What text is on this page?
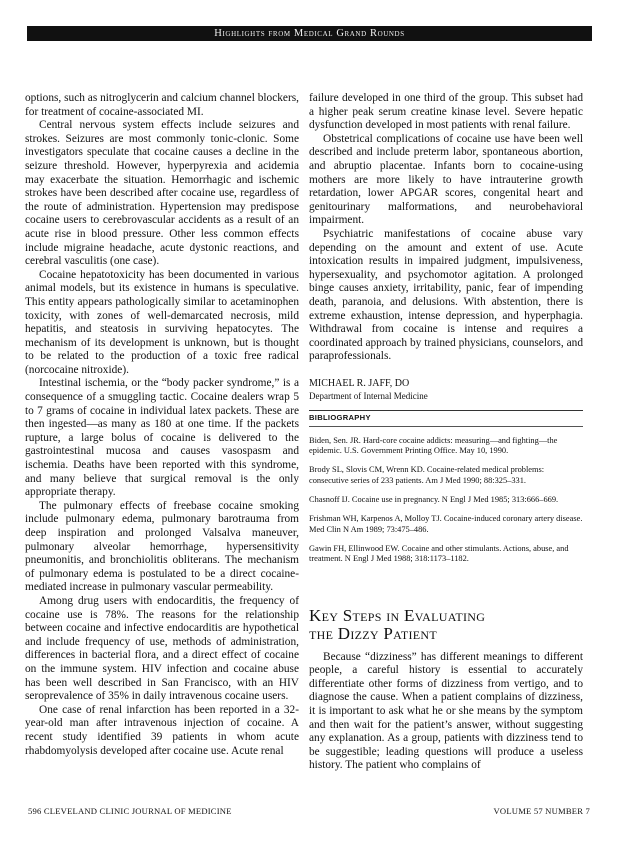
Highlights from Medical Grand Rounds

options, such as nitroglycerin and calcium channel blockers, for treatment of cocaine-associated MI.

Central nervous system effects include seizures and strokes. Seizures are most commonly tonic-clonic. Some investigators speculate that cocaine causes a decline in the seizure threshold. However, hyperpyrexia and acidemia may exacerbate the situation. Hemorrhagic and ischemic strokes have been described after cocaine use, regardless of the route of administration. Hypertension may predispose cocaine users to cerebrovascular accidents as a result of an acute rise in blood pressure. Other less common effects include migraine headache, acute dystonic reactions, and cerebral vasculitis (one case).

Cocaine hepatotoxicity has been documented in various animal models, but its existence in humans is speculative. This entity appears pathologically similar to acetaminophen toxicity, with zones of well-demarcated necrosis, mild hepatitis, and steatosis in surviving hepatocytes. The mechanism of its development is unknown, but is thought to be related to the production of a toxic free radical (norcocaine nitroxide).

Intestinal ischemia, or the “body packer syndrome,” is a consequence of a smuggling tactic. Cocaine dealers wrap 5 to 7 grams of cocaine in individual latex packets. These are then ingested—as many as 180 at one time. If the packets rupture, a large bolus of cocaine is delivered to the gastrointestinal mucosa and causes vasospasm and ischemia. Deaths have been reported with this syndrome, and many believe that surgical removal is the only appropriate therapy.

The pulmonary effects of freebase cocaine smoking include pulmonary edema, pulmonary barotrauma from deep inspiration and prolonged Valsalva maneuver, pulmonary alveolar hemorrhage, hypersensitivity pneumonitis, and bronchiolitis obliterans. The mechanism of pulmonary edema is postulated to be a direct cocaine-mediated increase in pulmonary vascular permeability.

Among drug users with endocarditis, the frequency of cocaine use is 78%. The reasons for the relationship between cocaine and infective endocarditis are hypothetical and include frequency of use, methods of administration, differences in bacterial flora, and a direct effect of cocaine on the immune system. HIV infection and cocaine abuse has been well described in San Francisco, with an HIV seroprevalence of 35% in daily intravenous cocaine users.

One case of renal infarction has been reported in a 32-year-old man after intravenous injection of cocaine. A recent study identified 39 patients in whom acute rhabdomyolysis developed after cocaine use. Acute renal

failure developed in one third of the group. This subset had a higher peak serum creatine kinase level. Severe hepatic dysfunction developed in most patients with renal failure.

Obstetrical complications of cocaine use have been well described and include preterm labor, spontaneous abortion, and abruptio placentae. Infants born to cocaine-using mothers are more likely to have intrauterine growth retardation, lower APGAR scores, congenital heart and genitourinary malformations, and neurobehavioral impairment.

Psychiatric manifestations of cocaine abuse vary depending on the amount and extent of use. Acute intoxication results in impaired judgment, impulsiveness, hypersexuality, and psychomotor agitation. A prolonged binge causes anxiety, irritability, panic, fear of impending death, paranoia, and delusions. With abstention, there is extreme exhaustion, intense depression, and hyperphagia. Withdrawal from cocaine is intense and requires a coordinated approach by trained physicians, counselors, and paraprofessionals.

MICHAEL R. JAFF, DO
Department of Internal Medicine
BIBLIOGRAPHY
Biden, Sen. JR. Hard-core cocaine addicts: measuring—and fighting—the epidemic. U.S. Government Printing Office. May 10, 1990.
Brody SL, Slovis CM, Wrenn KD. Cocaine-related medical problems: consecutive series of 233 patients. Am J Med 1990; 88:325–331.
Chasnoff IJ. Cocaine use in pregnancy. N Engl J Med 1985; 313:666–669.
Frishman WH, Karpenos A, Molloy TJ. Cocaine-induced coronary artery disease. Med Clin N Am 1989; 73:475–486.
Gawin FH, Ellinwood EW. Cocaine and other stimulants. Actions, abuse, and treatment. N Engl J Med 1988; 318:1173–1182.
Key Steps in Evaluating
the Dizzy Patient

Because “dizziness” has different meanings to different people, a careful history is essential to accurately differentiate other forms of dizziness from vertigo, and to diagnose the cause. When a patient complains of dizziness, it is important to ask what he or she means by the symptom and then wait for the patient’s answer, without suggesting any explanation. As a group, patients with dizziness tend to be suggestible; leading questions will produce a useless history. The patient who complains of

596 CLEVELAND CLINIC JOURNAL OF MEDICINE	VOLUME 57 NUMBER 7
